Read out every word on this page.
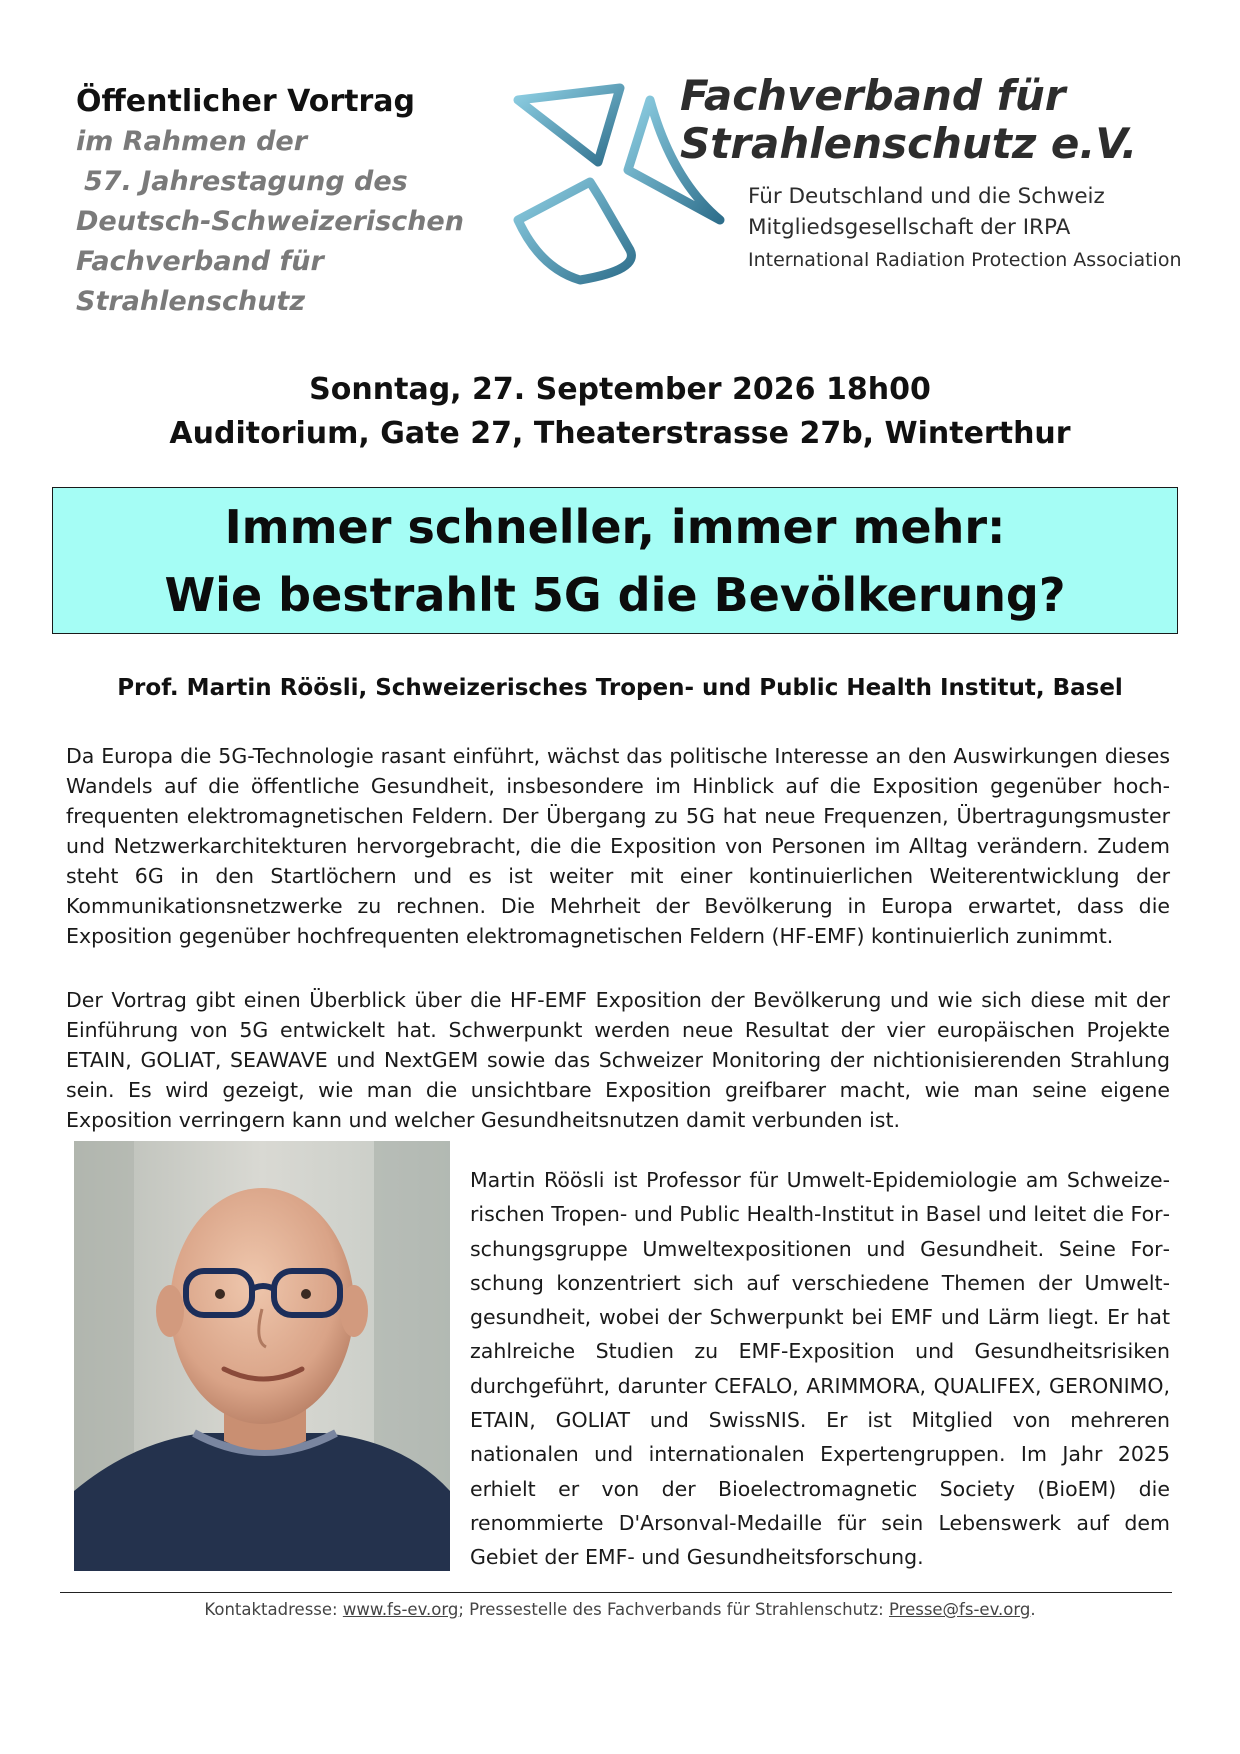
Öffentlicher Vortrag
im Rahmen der
57. Jahrestagung des
Deutsch-Schweizerischen
Fachverband für
Strahlenschutz
Fachverband für
Strahlenschutz e.V.
Für Deutschland und die Schweiz
Mitgliedsgesellschaft der IRPA
International Radiation Protection Association
Sonntag, 27. September 2026 18h00
Auditorium, Gate 27, Theaterstrasse 27b, Winterthur
Immer schneller, immer mehr:
Wie bestrahlt 5G die Bevölkerung?
Prof. Martin Röösli, Schweizerisches Tropen- und Public Health Institut, Basel
Da Europa die 5G-Technologie rasant einführt, wächst das politische Interesse an den Auswirkungen dieses Wandels auf die öffentliche Gesundheit, insbesondere im Hinblick auf die Exposition gegenüber hochfrequenten elektromagnetischen Feldern. Der Übergang zu 5G hat neue Frequenzen, Übertragungsmuster und Netzwerkarchitekturen hervorgebracht, die die Exposition von Personen im Alltag verändern. Zudem steht 6G in den Startlöchern und es ist weiter mit einer kontinuierlichen Weiterentwicklung der Kommunikationsnetzwerke zu rechnen. Die Mehrheit der Bevölkerung in Europa erwartet, dass die Exposition gegenüber hochfrequenten elektromagnetischen Feldern (HF-EMF) kontinuierlich zunimmt.
Der Vortrag gibt einen Überblick über die HF-EMF Exposition der Bevölkerung und wie sich diese mit der Einführung von 5G entwickelt hat. Schwerpunkt werden neue Resultat der vier europäischen Projekte ETAIN, GOLIAT, SEAWAVE und NextGEM sowie das Schweizer Monitoring der nichtionisierenden Strahlung sein. Es wird gezeigt, wie man die unsichtbare Exposition greifbarer macht, wie man seine eigene Exposition verringern kann und welcher Gesundheitsnutzen damit verbunden ist.
Martin Röösli ist Professor für Umwelt-Epidemiologie am Schweizerischen Tropen- und Public Health-Institut in Basel und leitet die Forschungsgruppe Umweltexpositionen und Gesundheit. Seine Forschung konzentriert sich auf verschiedene Themen der Umweltgesundheit, wobei der Schwerpunkt bei EMF und Lärm liegt. Er hat zahlreiche Studien zu EMF-Exposition und Gesundheitsrisiken durchgeführt, darunter CEFALO, ARIMMORA, QUALIFEX, GERONIMO, ETAIN, GOLIAT und SwissNIS. Er ist Mitglied von mehreren nationalen und internationalen Expertengruppen. Im Jahr 2025 erhielt er von der Bioelectromagnetic Society (BioEM) die renommierte D'Arsonval-Medaille für sein Lebenswerk auf dem Gebiet der EMF- und Gesundheitsforschung.
Kontaktadresse: www.fs-ev.org; Pressestelle des Fachverbands für Strahlenschutz: Presse@fs-ev.org.
